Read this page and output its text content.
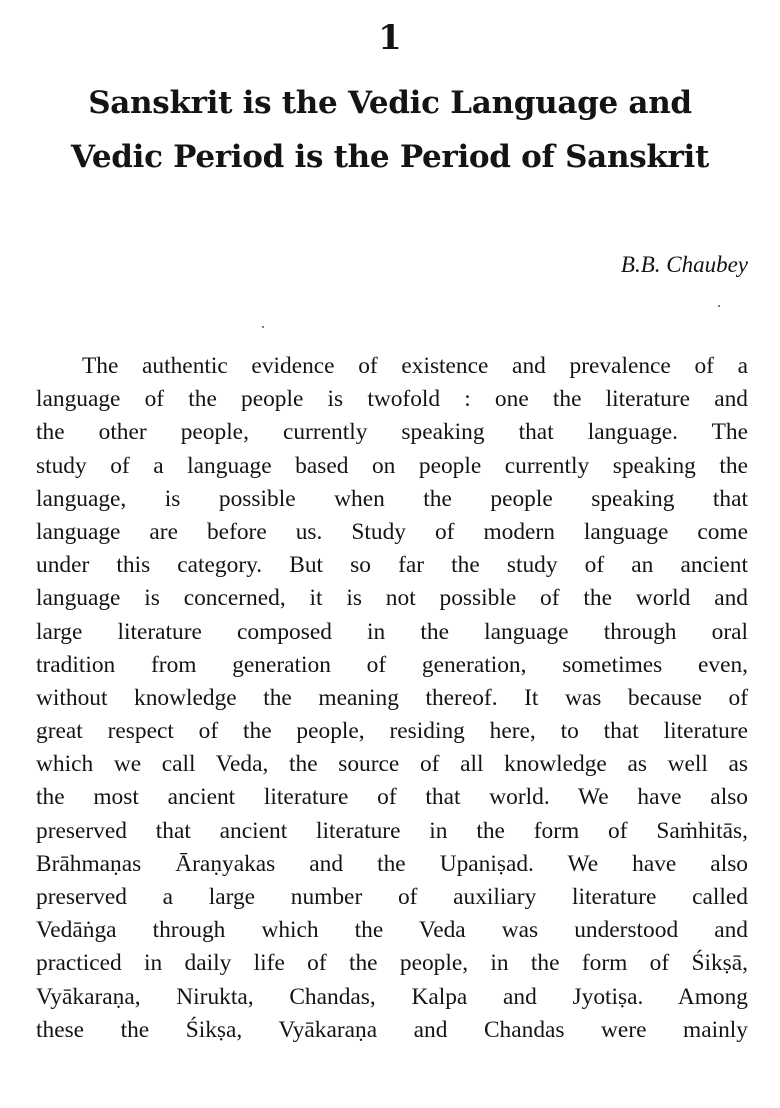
1
Sanskrit is the Vedic Language and
Vedic Period is the Period of Sanskrit
B.B. Chaubey
The authentic evidence of existence and prevalence of a
language of the people is twofold : one the literature and
the other people, currently speaking that language. The
study of a language based on people currently speaking the
language, is possible when the people speaking that
language are before us. Study of modern language come
under this category. But so far the study of an ancient
language is concerned, it is not possible of the world and
large literature composed in the language through oral
tradition from generation of generation, sometimes even,
without knowledge the meaning thereof. It was because of
great respect of the people, residing here, to that literature
which we call Veda, the source of all knowledge as well as
the most ancient literature of that world. We have also
preserved that ancient literature in the form of Saṁhitās,
Brāhmaṇas Āraṇyakas and the Upaniṣad. We have also
preserved a large number of auxiliary literature called
Vedāṅga through which the Veda was understood and
practiced in daily life of the people, in the form of Śikṣā,
Vyākaraṇa, Nirukta, Chandas, Kalpa and Jyotiṣa. Among
these the Śikṣa, Vyākaraṇa and Chandas were mainly
